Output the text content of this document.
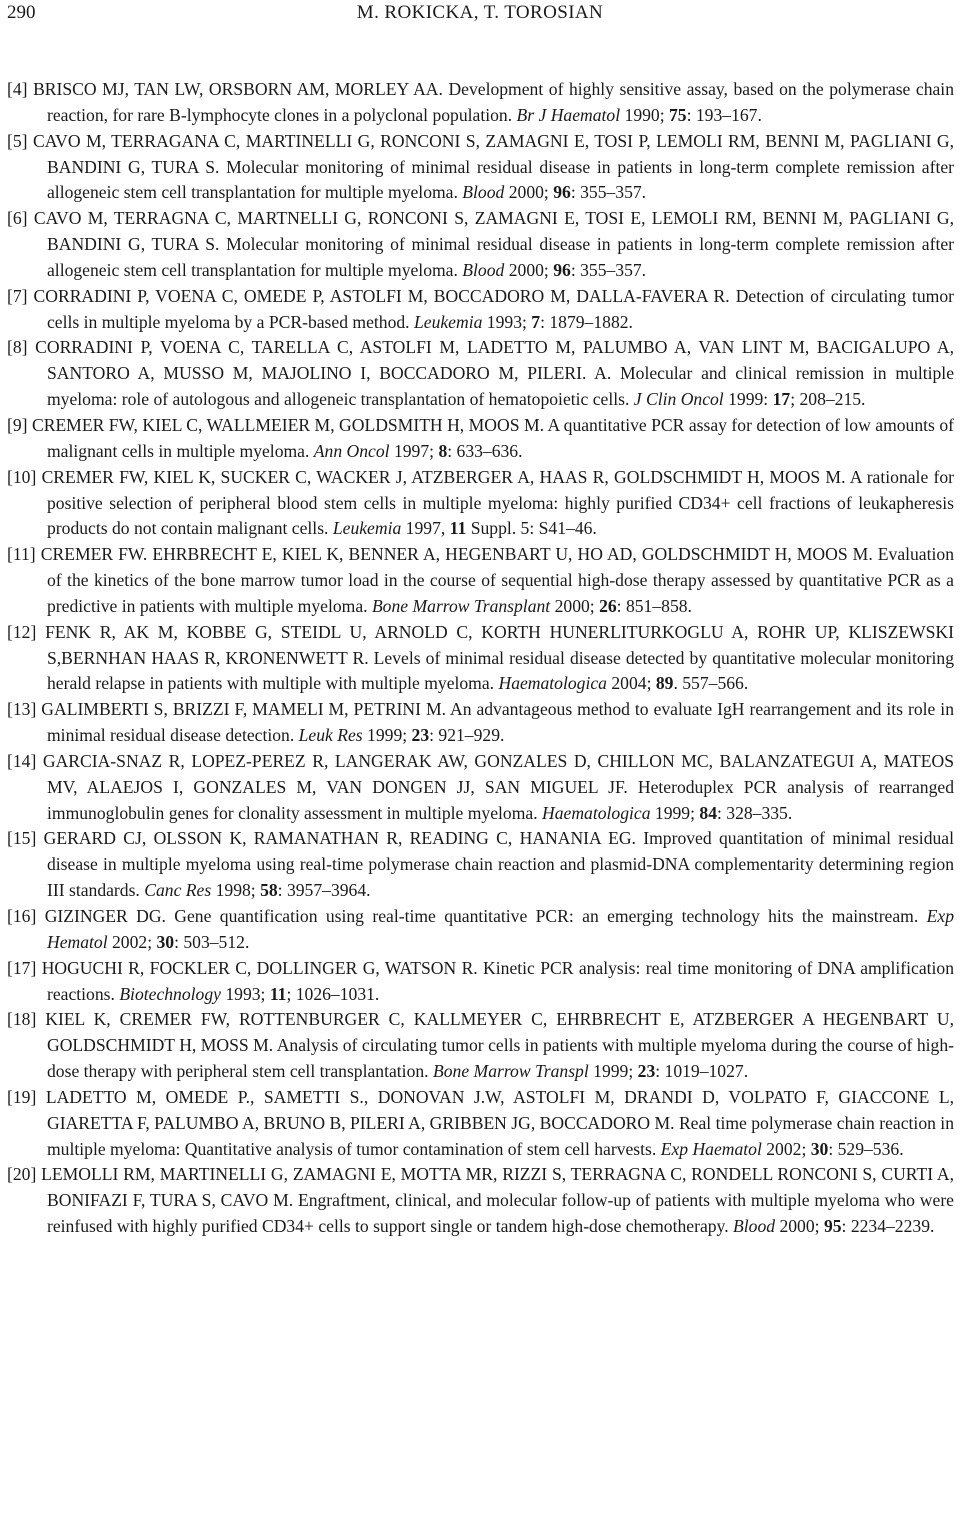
290	M. ROKICKA, T. TOROSIAN
[4] BRISCO MJ, TAN LW, ORSBORN AM, MORLEY AA. Development of highly sensitive assay, based on the polymerase chain reaction, for rare B-lymphocyte clones in a polyclonal population. Br J Haematol 1990; 75: 193–167.
[5] CAVO M, TERRAGANA C, MARTINELLI G, RONCONI S, ZAMAGNI E, TOSI P, LEMOLI RM, BENNI M, PAGLIANI G, BANDINI G, TURA S. Molecular monitoring of minimal residual disease in patients in long-term complete remission after allogeneic stem cell transplantation for multiple myeloma. Blood 2000; 96: 355–357.
[6] CAVO M, TERRAGNA C, MARTNELLI G, RONCONI S, ZAMAGNI E, TOSI E, LEMOLI RM, BENNI M, PAGLIANI G, BANDINI G, TURA S. Molecular monitoring of minimal residual disease in patients in long-term complete remission after allogeneic stem cell transplantation for multiple myeloma. Blood 2000; 96: 355–357.
[7] CORRADINI P, VOENA C, OMEDE P, ASTOLFI M, BOCCADORO M, DALLA-FAVERA R. Detection of circulating tumor cells in multiple myeloma by a PCR-based method. Leukemia 1993; 7: 1879–1882.
[8] CORRADINI P, VOENA C, TARELLA C, ASTOLFI M, LADETTO M, PALUMBO A, VAN LINT M, BACIGALUPO A, SANTORO A, MUSSO M, MAJOLINO I, BOCCADORO M, PILERI. A. Molecular and clinical remission in multiple myeloma: role of autologous and allogeneic transplantation of hematopoietic cells. J Clin Oncol 1999: 17; 208–215.
[9] CREMER FW, KIEL C, WALLMEIER M, GOLDSMITH H, MOOS M. A quantitative PCR assay for detection of low amounts of malignant cells in multiple myeloma. Ann Oncol 1997; 8: 633–636.
[10] CREMER FW, KIEL K, SUCKER C, WACKER J, ATZBERGER A, HAAS R, GOLDSCHMIDT H, MOOS M. A rationale for positive selection of peripheral blood stem cells in multiple myeloma: highly purified CD34+ cell fractions of leukapheresis products do not contain malignant cells. Leukemia 1997, 11 Suppl. 5: S41–46.
[11] CREMER FW. EHRBRECHT E, KIEL K, BENNER A, HEGENBART U, HO AD, GOLDSCHMIDT H, MOOS M. Evaluation of the kinetics of the bone marrow tumor load in the course of sequential high-dose therapy assessed by quantitative PCR as a predictive in patients with multiple myeloma. Bone Marrow Transplant 2000; 26: 851–858.
[12] FENK R, AK M, KOBBE G, STEIDL U, ARNOLD C, KORTH HUNERLITURKOGLU A, ROHR UP, KLISZEWSKI S,BERNHAN HAAS R, KRONENWETT R. Levels of minimal residual disease detected by quantitative molecular monitoring herald relapse in patients with multiple with multiple myeloma. Haematologica 2004; 89. 557–566.
[13] GALIMBERTI S, BRIZZI F, MAMELI M, PETRINI M. An advantageous method to evaluate IgH rearrangement and its role in minimal residual disease detection. Leuk Res 1999; 23: 921–929.
[14] GARCIA-SNAZ R, LOPEZ-PEREZ R, LANGERAK AW, GONZALES D, CHILLON MC, BALANZATEGUI A, MATEOS MV, ALAEJOS I, GONZALES M, VAN DONGEN JJ, SAN MIGUEL JF. Heteroduplex PCR analysis of rearranged immunoglobulin genes for clonality assessment in multiple myeloma. Haematologica 1999; 84: 328–335.
[15] GERARD CJ, OLSSON K, RAMANATHAN R, READING C, HANANIA EG. Improved quantitation of minimal residual disease in multiple myeloma using real-time polymerase chain reaction and plasmid-DNA complementarity determining region III standards. Canc Res 1998; 58: 3957–3964.
[16] GIZINGER DG. Gene quantification using real-time quantitative PCR: an emerging technology hits the mainstream. Exp Hematol 2002; 30: 503–512.
[17] HOGUCHI R, FOCKLER C, DOLLINGER G, WATSON R. Kinetic PCR analysis: real time monitoring of DNA amplification reactions. Biotechnology 1993; 11; 1026–1031.
[18] KIEL K, CREMER FW, ROTTENBURGER C, KALLMEYER C, EHRBRECHT E, ATZBERGER A HEGENBART U, GOLDSCHMIDT H, MOSS M. Analysis of circulating tumor cells in patients with multiple myeloma during the course of high-dose therapy with peripheral stem cell transplantation. Bone Marrow Transpl 1999; 23: 1019–1027.
[19] LADETTO M, OMEDE P., SAMETTI S., DONOVAN J.W, ASTOLFI M, DRANDI D, VOLPATO F, GIACCONE L, GIARETTA F, PALUMBO A, BRUNO B, PILERI A, GRIBBEN JG, BOCCADORO M. Real time polymerase chain reaction in multiple myeloma: Quantitative analysis of tumor contamination of stem cell harvests. Exp Haematol 2002; 30: 529–536.
[20] LEMOLLI RM, MARTINELLI G, ZAMAGNI E, MOTTA MR, RIZZI S, TERRAGNA C, RONDELL RONCONI S, CURTI A, BONIFAZI F, TURA S, CAVO M. Engraftment, clinical, and molecular follow-up of patients with multiple myeloma who were reinfused with highly purified CD34+ cells to support single or tandem high-dose chemotherapy. Blood 2000; 95: 2234–2239.
